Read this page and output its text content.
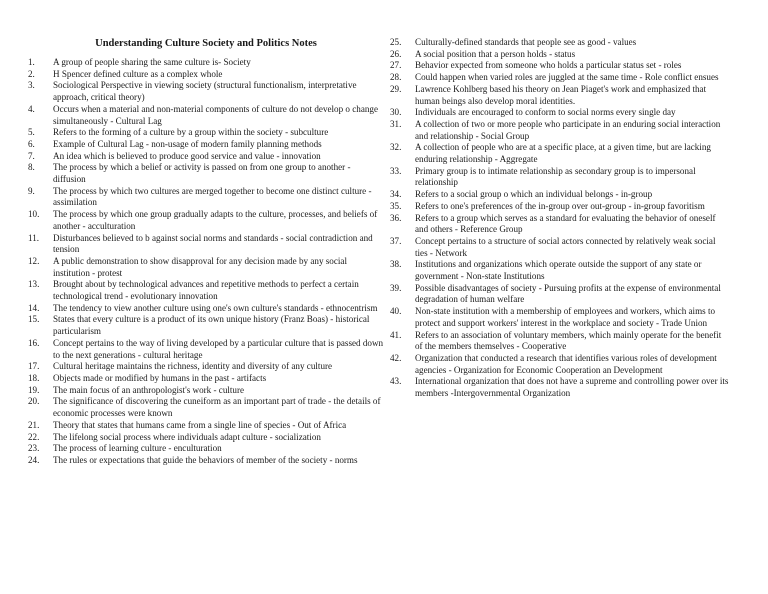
Understanding Culture Society and Politics Notes
1.	A group of people sharing the same culture is- Society
2.	H Spencer defined culture as a complex whole
3.	Sociological Perspective in viewing society (structural functionalism, interpretative approach, critical theory)
4.	Occurs when a material and non-material components of culture do not develop o change simultaneously - Cultural Lag
5.	Refers to the forming of a culture by a group within the society - subculture
6.	Example of Cultural Lag - non-usage of modern family planning methods
7.	An idea which is believed to produce good service and value - innovation
8.	The process by which a belief or activity is passed on from one group to another - diffusion
9.	The process by which two cultures are merged together to become one distinct culture - assimilation
10.	The process by which one group gradually adapts to the culture, processes, and beliefs of another - acculturation
11.	Disturbances believed to b against social norms and standards - social contradiction and tension
12.	A public demonstration to show disapproval for any decision made by any social institution - protest
13.	Brought about by technological advances and repetitive methods to perfect a certain technological trend - evolutionary innovation
14.	The tendency to view another culture using one's own culture's standards - ethnocentrism
15.	States that every culture is a product of its own unique history (Franz Boas) - historical particularism
16.	Concept pertains to the way of living developed by a particular culture that is passed down to the next generations - cultural heritage
17.	Cultural heritage maintains the richness, identity and diversity of any culture
18.	Objects made or modified by humans in the past - artifacts
19.	The main focus of an anthropologist's work - culture
20.	The significance of discovering the cuneiform as an important part of trade - the details of economic processes were known
21.	Theory that states that humans came from a single line of species - Out of Africa
22.	The lifelong social process where individuals adapt culture - socialization
23.	The process of learning culture - enculturation
24.	The rules or expectations that guide the behaviors of member of the society - norms
25.	Culturally-defined standards that people see as good - values
26.	A social position that a person holds - status
27.	Behavior expected from someone who holds a particular status set - roles
28.	Could happen when varied roles are juggled at the same time - Role conflict ensues
29.	Lawrence Kohlberg based his theory on Jean Piaget's work and emphasized that human beings also develop moral identities.
30.	Individuals are encouraged to conform to social norms every single day
31.	A collection of two or more people who participate in an enduring social interaction and relationship - Social Group
32.	A collection of people who are at a specific place, at a given time, but are lacking enduring relationship - Aggregate
33.	Primary group is to intimate relationship as secondary group is to impersonal relationship
34.	Refers to a social group o which an individual belongs - in-group
35.	Refers to one's preferences of the in-group over out-group - in-group favoritism
36.	Refers to a group which serves as a standard for evaluating the behavior of oneself and others - Reference Group
37.	Concept pertains to a structure of social actors connected by relatively weak social ties - Network
38.	Institutions and organizations which operate outside the support of any state or government - Non-state Institutions
39.	Possible disadvantages of society - Pursuing profits at the expense of environmental degradation of human welfare
40.	Non-state institution with a membership of employees and workers, which aims to protect and support workers' interest in the workplace and society - Trade Union
41.	Refers to an association of voluntary members, which mainly operate for the benefit of the members themselves - Cooperative
42.	Organization that conducted a research that identifies various roles of development agencies - Organization for Economic Cooperation an Development
43.	International organization that does not have a supreme and controlling power over its members -Intergovernmental Organization
